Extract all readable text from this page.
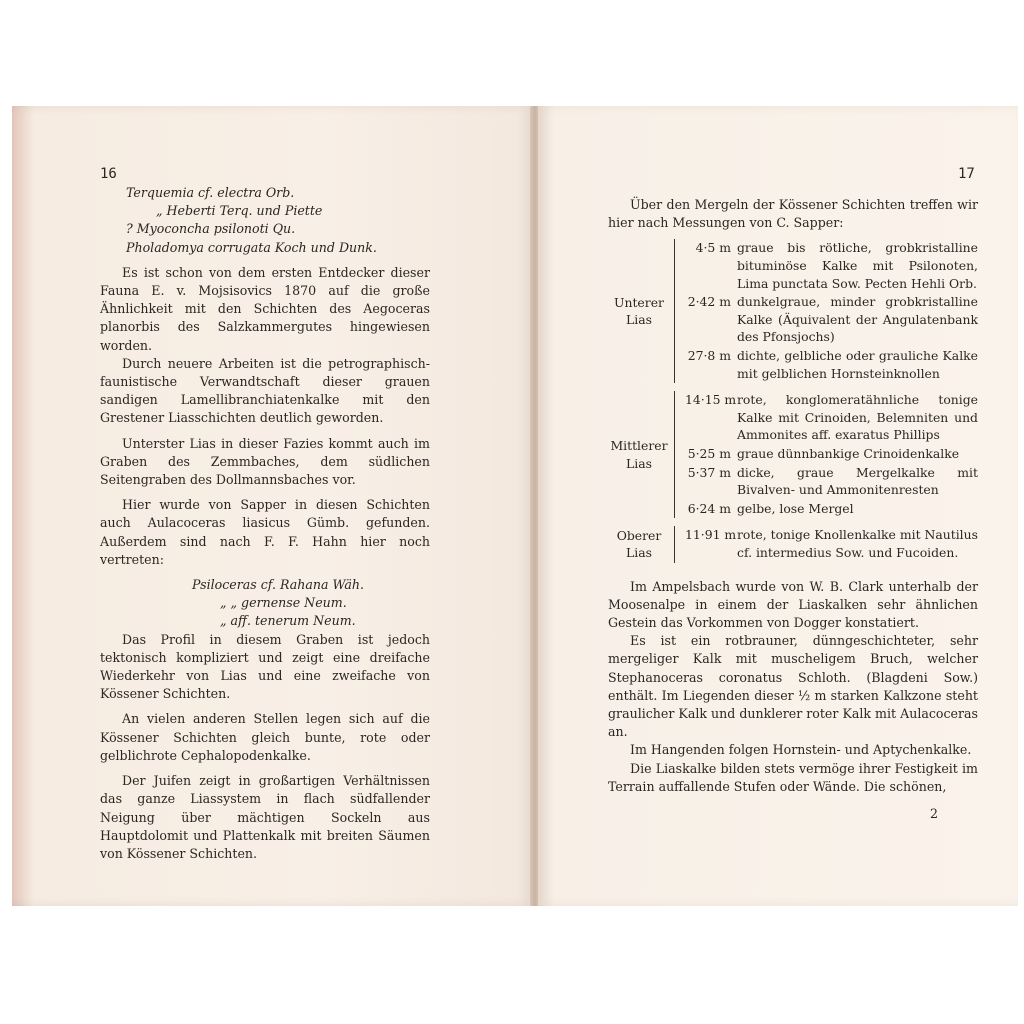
16

Terquemia cf. electra Orb.

„ Heberti Terq. und Piette

? Myoconcha psilonoti Qu.

Pholadomya corrugata Koch und Dunk.

Es ist schon von dem ersten Entdecker dieser Fauna E. v. Mojsisovics 1870 auf die große Ähnlichkeit mit den Schichten des Aegoceras planorbis des Salzkammergutes hingewiesen worden.

Durch neuere Arbeiten ist die petrographisch-faunistische Verwandtschaft dieser grauen sandigen Lamellibranchiatenkalke mit den Grestener Liasschichten deutlich geworden.

Unterster Lias in dieser Fazies kommt auch im Graben des Zemmbaches, dem südlichen Seitengraben des Dollmannsbaches vor.

Hier wurde von Sapper in diesen Schichten auch Aulacoceras liasicus Gümb. gefunden. Außerdem sind nach F. F. Hahn hier noch vertreten:

Psiloceras cf. Rahana Wäh.

„ „ gernense Neum.

„ aff. tenerum Neum.

Das Profil in diesem Graben ist jedoch tektonisch kompliziert und zeigt eine dreifache Wiederkehr von Lias und eine zweifache von Kössener Schichten.

An vielen anderen Stellen legen sich auf die Kössener Schichten gleich bunte, rote oder gelblichrote Cephalopodenkalke.

Der Juifen zeigt in großartigen Verhältnissen das ganze Liassystem in flach südfallender Neigung über mächtigen Sockeln aus Hauptdolomit und Plattenkalk mit breiten Säumen von Kössener Schichten.

17

Über den Mergeln der Kössener Schichten treffen wir hier nach Messungen von C. Sapper:

Unterer Lias		
4·5 m graue bis rötliche, grobkristalline bituminöse Kalke mit Psilonoten, Lima punctata Sow. Pecten Hehli Orb.
2·42 m dunkelgraue, minder grobkristalline Kalke (Äquivalent der Angulatenbank des Pfonsjochs)
27·8 m dichte, gelbliche oder grauliche Kalke mit gelblichen Hornsteinknollen
Mittlerer Lias		
14·15 m rote, konglomeratähnliche tonige Kalke mit Crinoiden, Belemniten und Ammonites aff. exaratus Phillips
5·25 m graue dünnbankige Crinoidenkalke
5·37 m dicke, graue Mergelkalke mit Bivalven- und Ammonitenresten
6·24 m gelbe, lose Mergel
Oberer Lias		
11·91 m rote, tonige Knollenkalke mit Nautilus cf. intermedius Sow. und Fucoiden.

Im Ampelsbach wurde von W. B. Clark unterhalb der Moosenalpe in einem der Liaskalken sehr ähnlichen Gestein das Vorkommen von Dogger konstatiert.

Es ist ein rotbrauner, dünngeschichteter, sehr mergeliger Kalk mit muscheligem Bruch, welcher Stephanoceras coronatus Schloth. (Blagdeni Sow.) enthält. Im Liegenden dieser ½ m starken Kalkzone steht graulicher Kalk und dunklerer roter Kalk mit Aulacoceras an.

Im Hangenden folgen Hornstein- und Aptychenkalke.

Die Liaskalke bilden stets vermöge ihrer Festigkeit im Terrain auffallende Stufen oder Wände. Die schönen,

2
